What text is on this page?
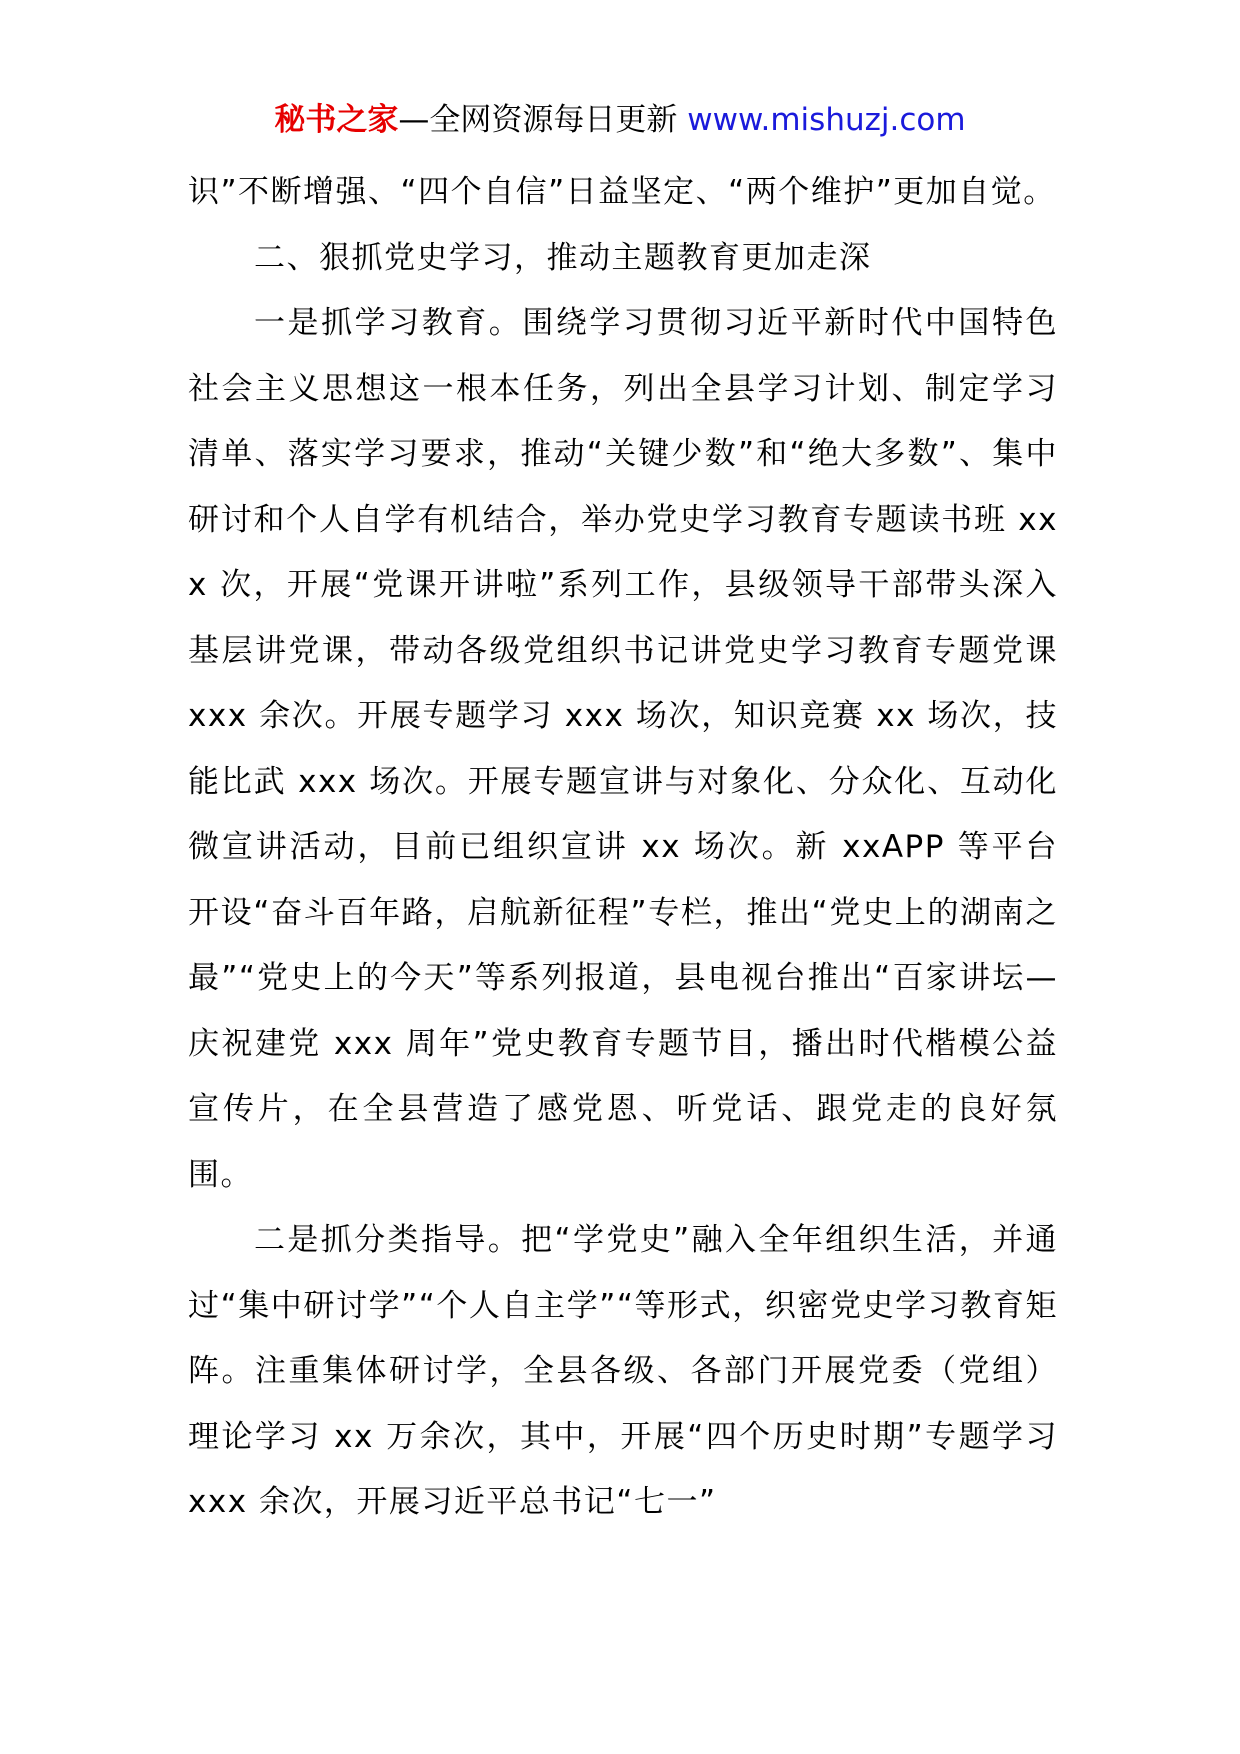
秘书之家—全网资源每日更新 www.mishuzj.com

识”不断增强、“四个自信”日益坚定、“两个维护”更加自觉。

二、狠抓党史学习，推动主题教育更加走深

一是抓学习教育。围绕学习贯彻习近平新时代中国特色社会主义思想这一根本任务，列出全县学习计划、制定学习清单、落实学习要求，推动“关键少数”和“绝大多数”、集中研讨和个人自学有机结合，举办党史学习教育专题读书班 xxx 次，开展“党课开讲啦”系列工作，县级领导干部带头深入基层讲党课，带动各级党组织书记讲党史学习教育专题党课 xxx 余次。开展专题学习 xxx 场次，知识竞赛 xx 场次，技能比武 xxx 场次。开展专题宣讲与对象化、分众化、互动化微宣讲活动，目前已组织宣讲 xx 场次。新 xxAPP 等平台开设“奋斗百年路，启航新征程”专栏，推出“党史上的湖南之最”“党史上的今天”等系列报道，县电视台推出“百家讲坛—庆祝建党 xxx 周年”党史教育专题节目，播出时代楷模公益宣传片，在全县营造了感党恩、听党话、跟党走的良好氛围。

二是抓分类指导。把“学党史”融入全年组织生活，并通过“集中研讨学”“个人自主学”“等形式，织密党史学习教育矩阵。注重集体研讨学，全县各级、各部门开展党委（党组）理论学习 xx 万余次，其中，开展“四个历史时期”专题学习 xxx 余次，开展习近平总书记“七一”
